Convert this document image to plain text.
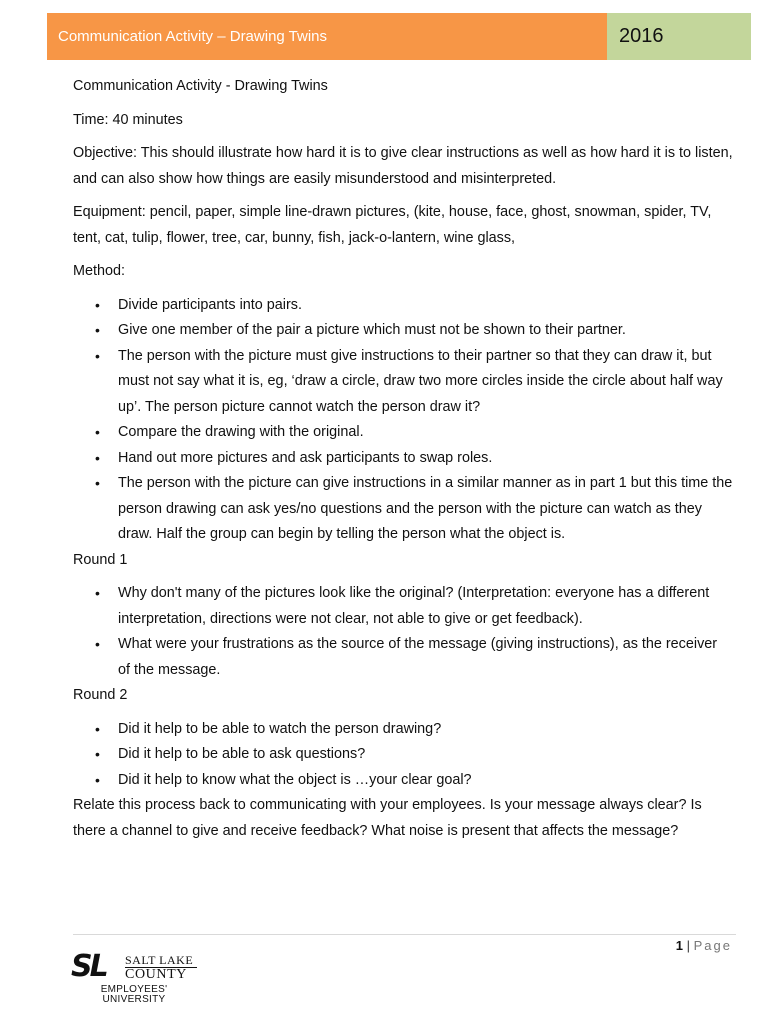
Communication Activity – Drawing Twins	2016

Communication Activity - Drawing Twins

Time: 40 minutes

Objective: This should illustrate how hard it is to give clear instructions as well as how hard it is to listen, and can also show how things are easily misunderstood and misinterpreted.

Equipment: pencil, paper, simple line-drawn pictures, (kite, house, face, ghost, snowman, spider, TV, tent, cat, tulip, flower, tree, car, bunny, fish, jack-o-lantern, wine glass,

Method:

• Divide participants into pairs.
• Give one member of the pair a picture which must not be shown to their partner.
• The person with the picture must give instructions to their partner so that they can draw it, but must not say what it is, eg, ‘draw a circle, draw two more circles inside the circle about half way up’. The person picture cannot watch the person draw it?
• Compare the drawing with the original.
• Hand out more pictures and ask participants to swap roles.
• The person with the picture can give instructions in a similar manner as in part 1 but this time the person drawing can ask yes/no questions and the person with the picture can watch as they draw. Half the group can begin by telling the person what the object is.

Round 1

• Why don't many of the pictures look like the original? (Interpretation: everyone has a different interpretation, directions were not clear, not able to give or get feedback).
• What were your frustrations as the source of the message (giving instructions), as the receiver of the message.

Round 2

• Did it help to be able to watch the person drawing?
• Did it help to be able to ask questions?
• Did it help to know what the object is …your clear goal?

Relate this process back to communicating with your employees. Is your message always clear? Is there a channel to give and receive feedback? What noise is present that affects the message?

1 | Page
SL SALT LAKE
COUNTY
EMPLOYEES'
UNIVERSITY
